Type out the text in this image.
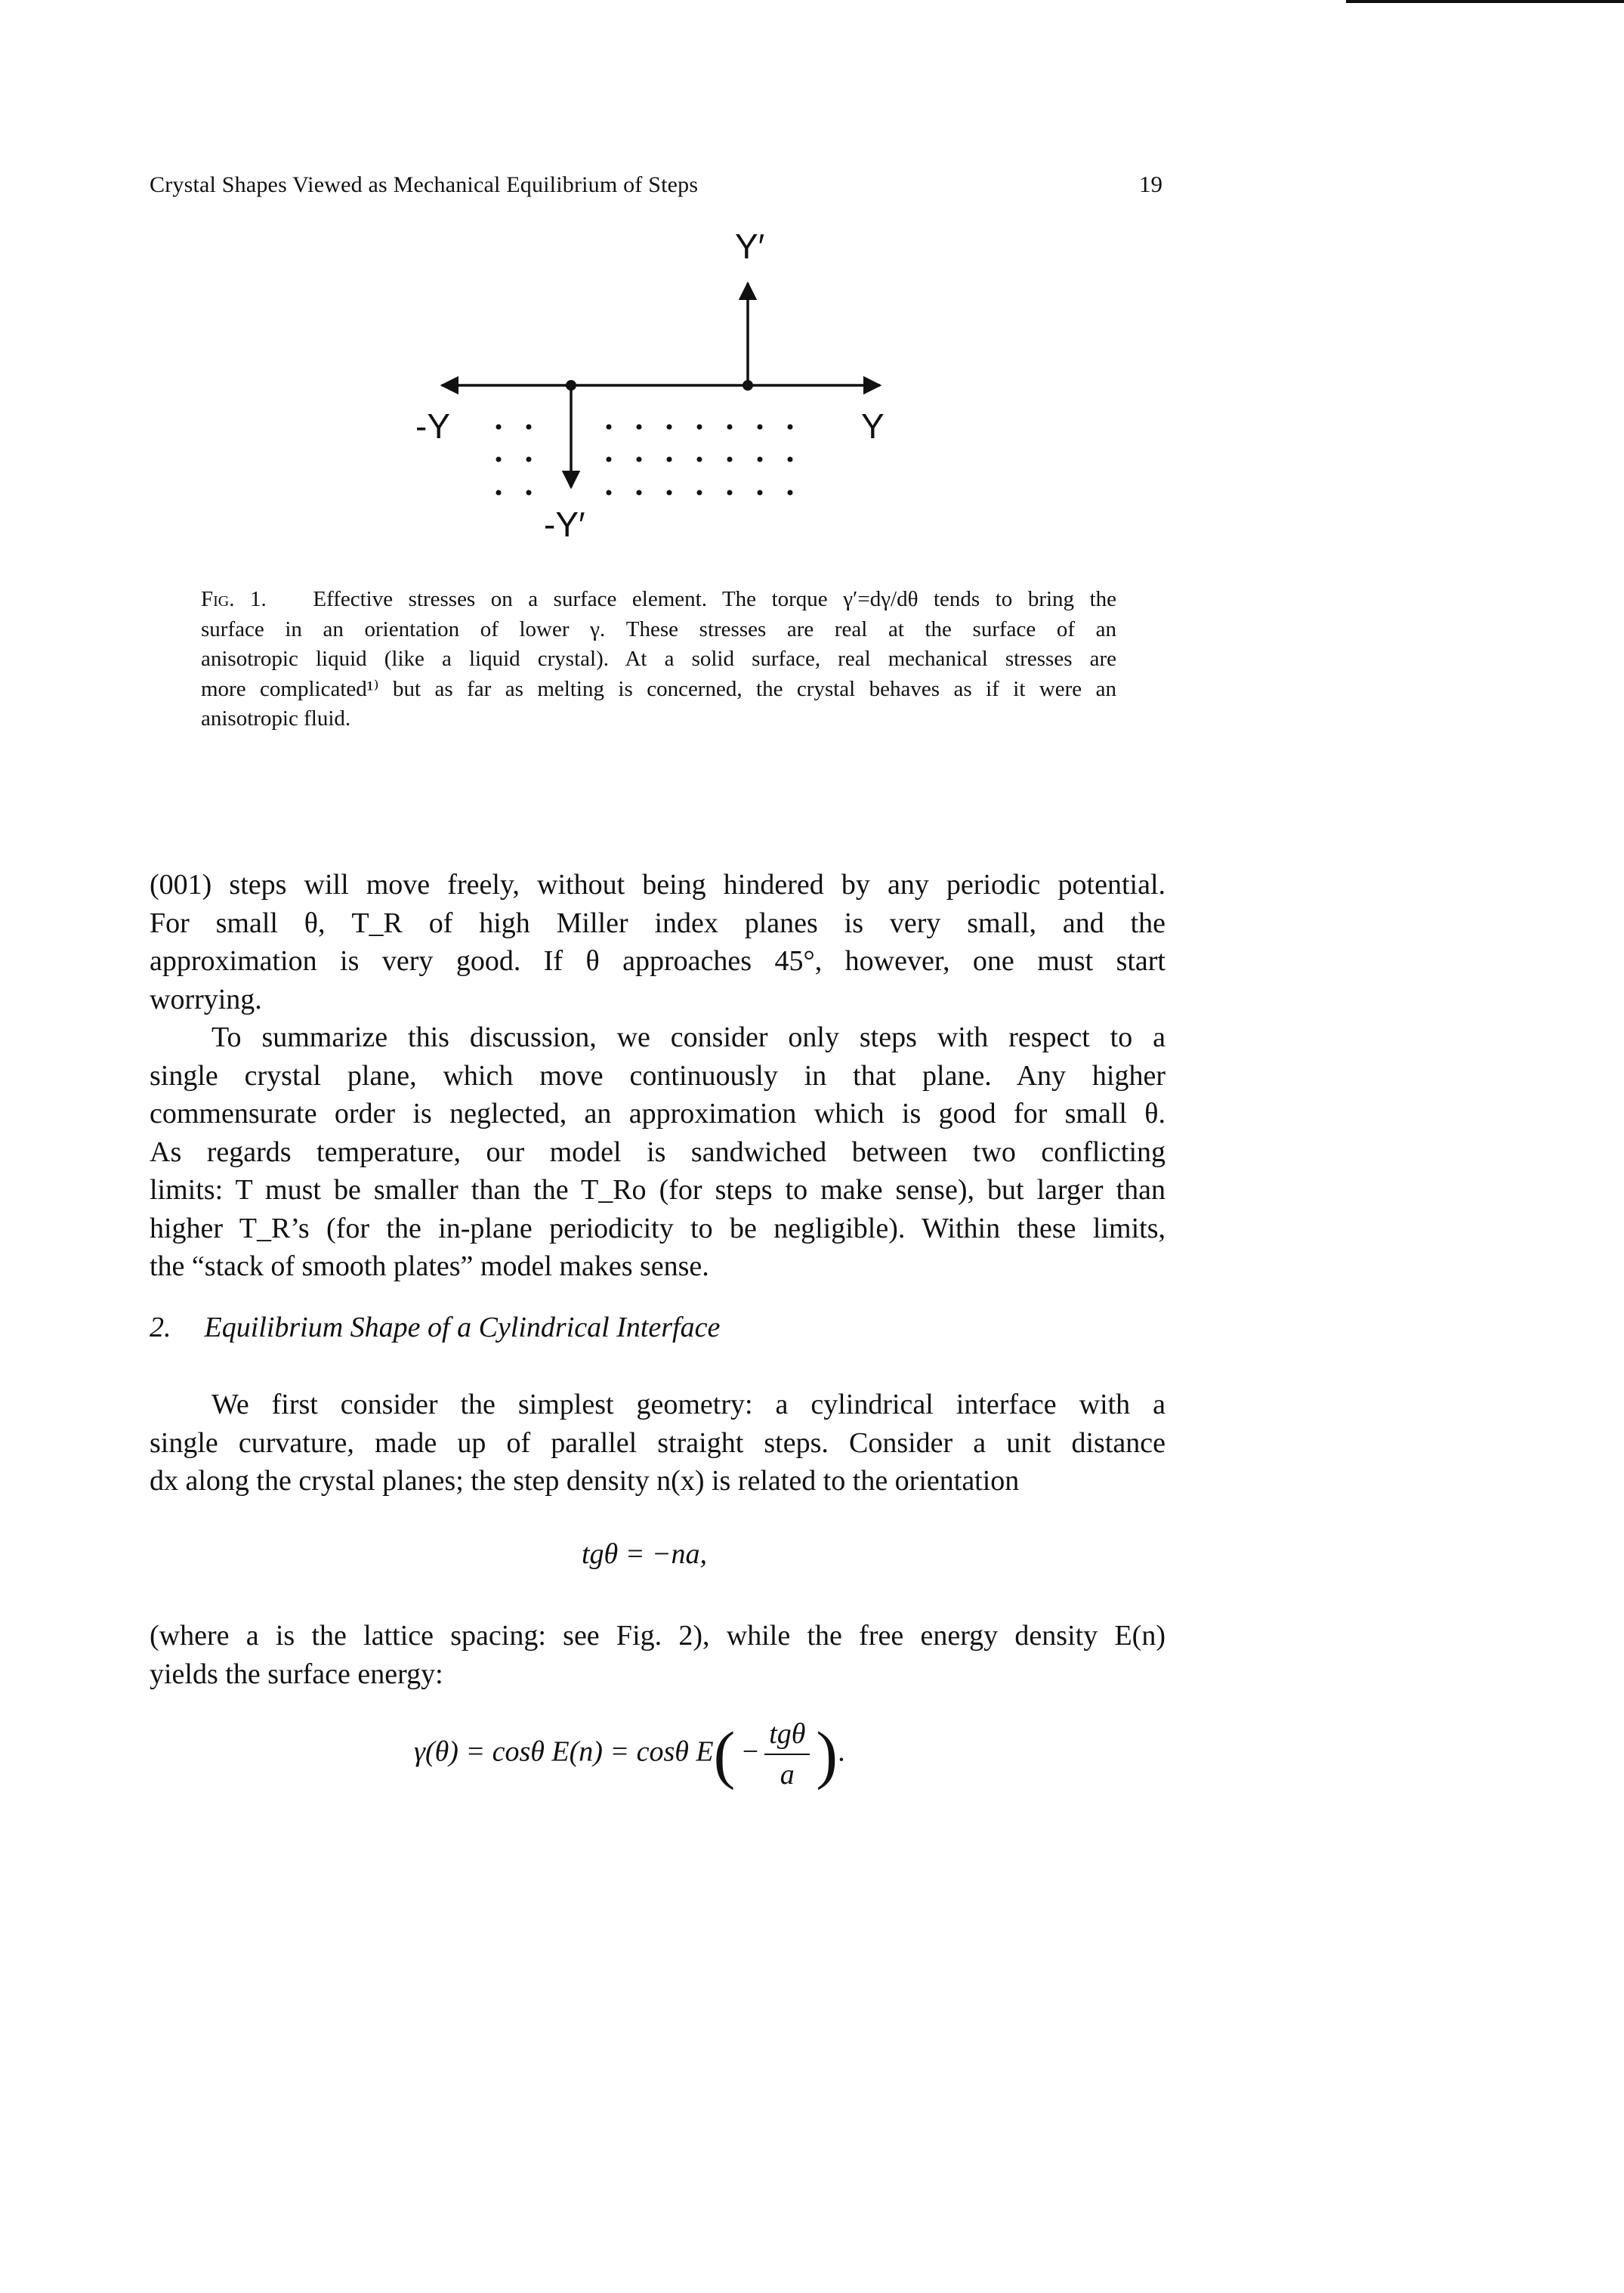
Crystal Shapes Viewed as Mechanical Equilibrium of Steps	19
Y′
-Y	Y
-Y′
Fig. 1. Effective stresses on a surface element. The torque γ′=dγ/dθ tends to bring the
surface in an orientation of lower γ. These stresses are real at the surface of an
anisotropic liquid (like a liquid crystal). At a solid surface, real mechanical stresses are
more complicated¹⁾ but as far as melting is concerned, the crystal behaves as if it were an
anisotropic fluid.
(001) steps will move freely, without being hindered by any periodic potential.
For small θ, T_R of high Miller index planes is very small, and the
approximation is very good. If θ approaches 45°, however, one must start
worrying.
To summarize this discussion, we consider only steps with respect to a
single crystal plane, which move continuously in that plane. Any higher
commensurate order is neglected, an approximation which is good for small θ.
As regards temperature, our model is sandwiched between two conflicting
limits: T must be smaller than the T_Ro (for steps to make sense), but larger than
higher T_R’s (for the in-plane periodicity to be negligible). Within these limits,
the “stack of smooth plates” model makes sense.
2. Equilibrium Shape of a Cylindrical Interface
We first consider the simplest geometry: a cylindrical interface with a
single curvature, made up of parallel straight steps. Consider a unit distance
dx along the crystal planes; the step density n(x) is related to the orientation
tgθ = −na,
(where a is the lattice spacing: see Fig. 2), while the free energy density E(n)
yields the surface energy:
γ(θ) = cosθ E(n) = cosθ $E( - \frac{\text{tgθ}}{a}$ ).
